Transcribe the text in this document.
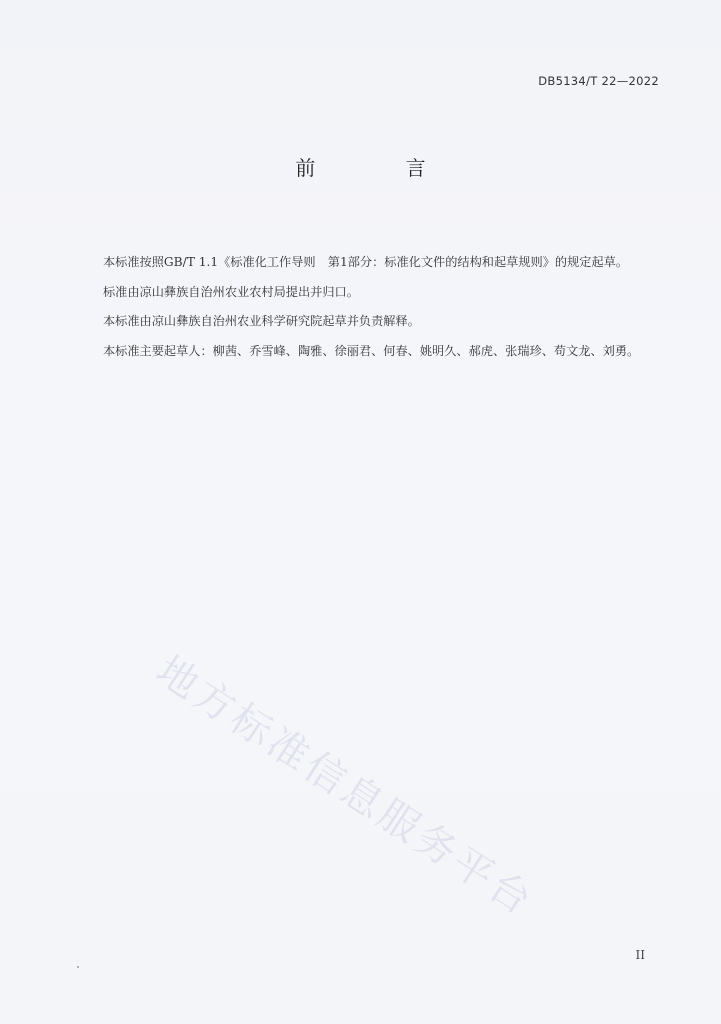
DB5134/T 22—2022
前 言

本标准按照GB/T 1.1《标准化工作导则　第1部分：标准化文件的结构和起草规则》的规定起草。

标准由凉山彝族自治州农业农村局提出并归口。

本标准由凉山彝族自治州农业科学研究院起草并负责解释。

本标准主要起草人：柳茜、乔雪峰、陶雅、徐丽君、何春、姚明久、郝虎、张瑞珍、苟文龙、刘勇。

地方标准信息服务平台
II
